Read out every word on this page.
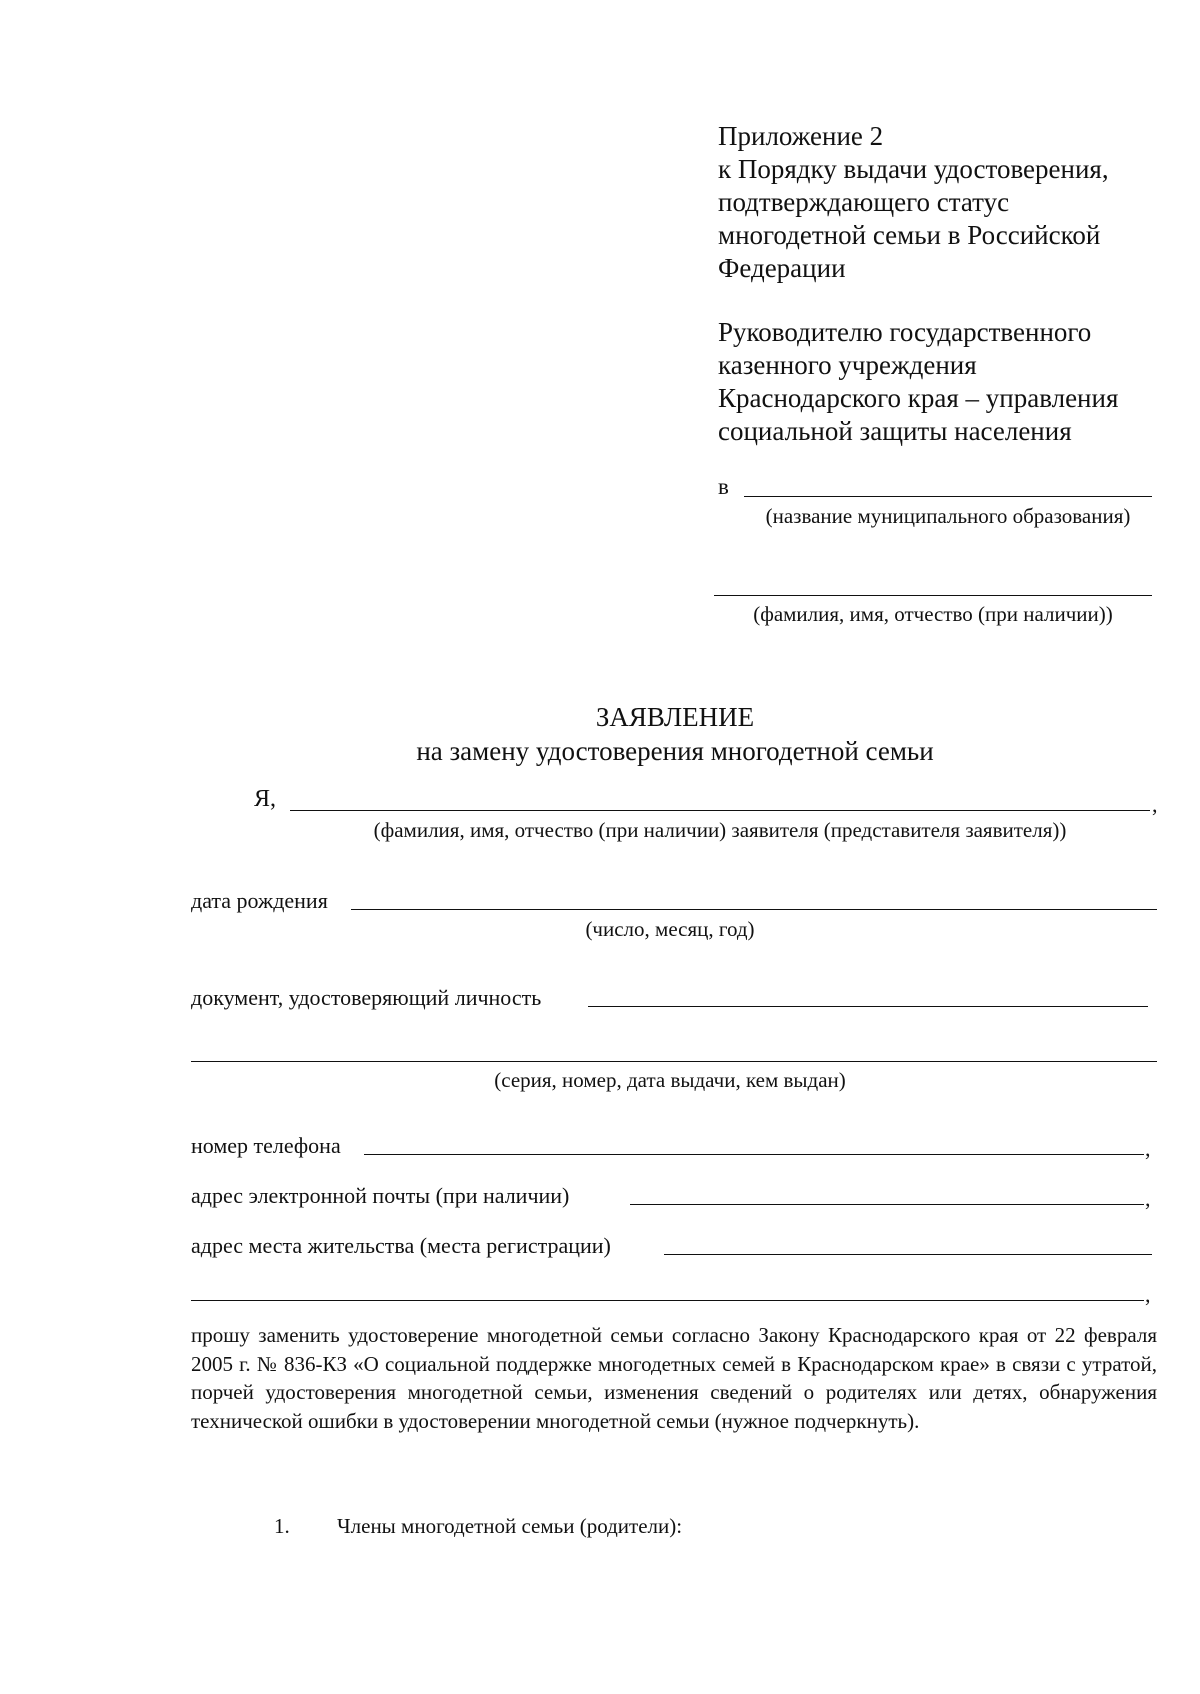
Приложение 2
к Порядку выдачи удостоверения,
подтверждающего статус
многодетной семьи в Российской
Федерации
Руководителю государственного
казенного учреждения
Краснодарского края – управления
социальной защиты населения
в
(название муниципального образования)
(фамилия, имя, отчество (при наличии))
ЗАЯВЛЕНИЕ
на замену удостоверения многодетной семьи
Я,	,
(фамилия, имя, отчество (при наличии) заявителя (представителя заявителя))
дата рождения
(число, месяц, год)
документ, удостоверяющий личность
(серия, номер, дата выдачи, кем выдан)
номер телефона	,
адрес электронной почты (при наличии)	,
адрес места жительства (места регистрации)
,
прошу заменить удостоверение многодетной семьи согласно Закону Краснодарского края от 22 февраля 2005 г. № 836-КЗ «О социальной поддержке многодетных семей в Краснодарском крае» в связи с утратой, порчей удостоверения многодетной семьи, изменения сведений о родителях или детях, обнаружения технической ошибки в удостоверении многодетной семьи (нужное подчеркнуть).
1. Члены многодетной семьи (родители):
